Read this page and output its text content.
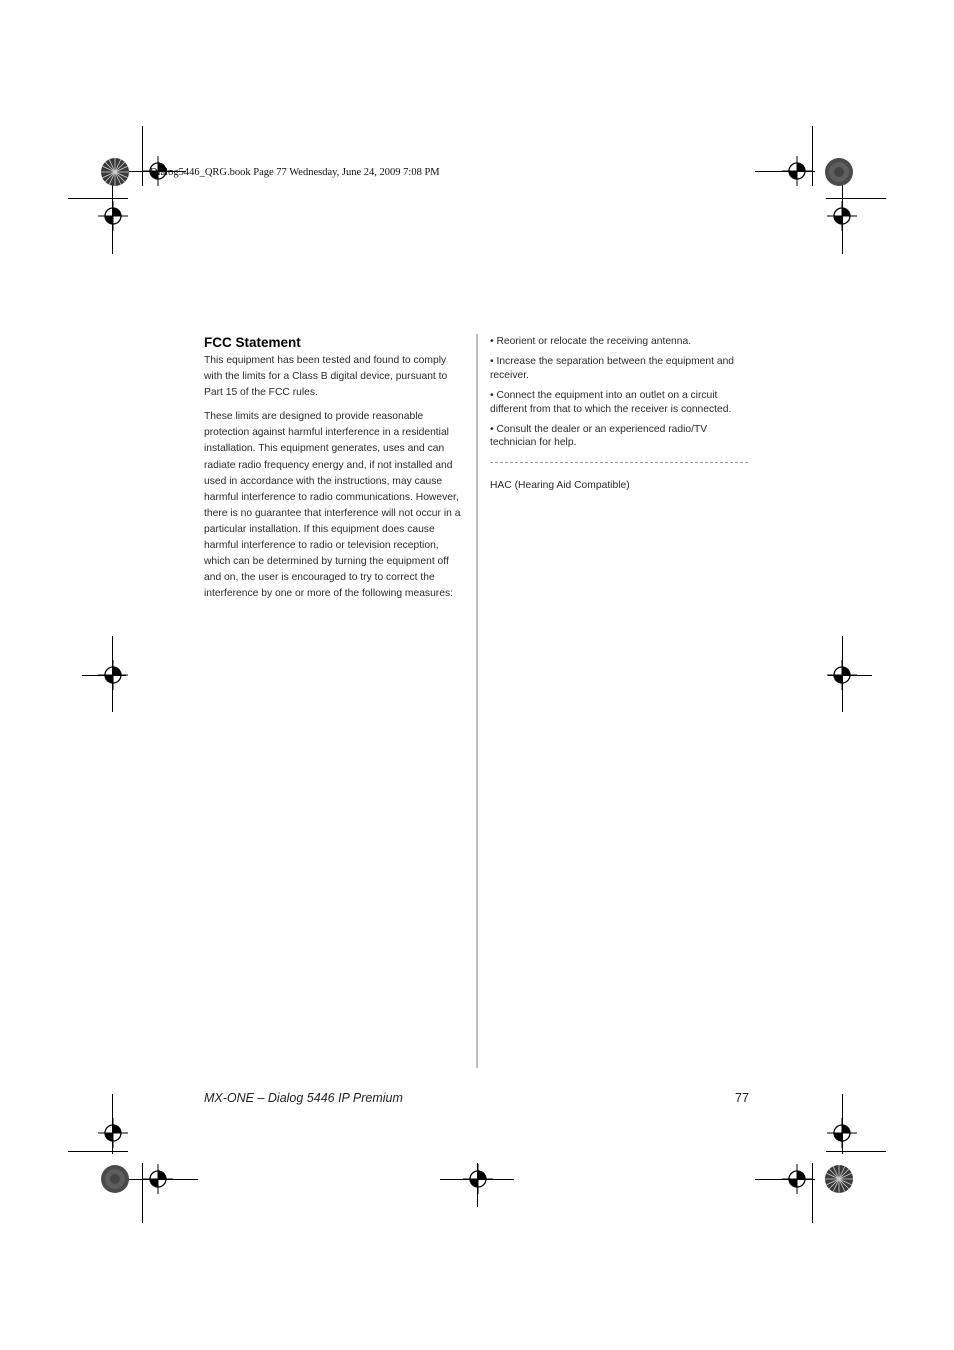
Dialog5446_QRG.book Page 77 Wednesday, June 24, 2009 7:08 PM
FCC Statement

This equipment has been tested and found to comply with the limits for a Class B digital device, pursuant to Part 15 of the FCC rules.

These limits are designed to provide reasonable protection against harmful interference in a residential installation. This equipment generates, uses and can radiate radio frequency energy and, if not installed and used in accordance with the instructions, may cause harmful interference to radio communications. However, there is no guarantee that interference will not occur in a particular installation. If this equipment does cause harmful interference to radio or television reception, which can be determined by turning the equipment off and on, the user is encouraged to try to correct the interference by one or more of the following measures:

• Reorient or relocate the receiving antenna.

• Increase the separation between the equipment and receiver.

• Connect the equipment into an outlet on a circuit different from that to which the receiver is connected.

• Consult the dealer or an experienced radio/TV technician for help.

HAC (Hearing Aid Compatible)
MX-ONE – Dialog 5446 IP Premium	77
